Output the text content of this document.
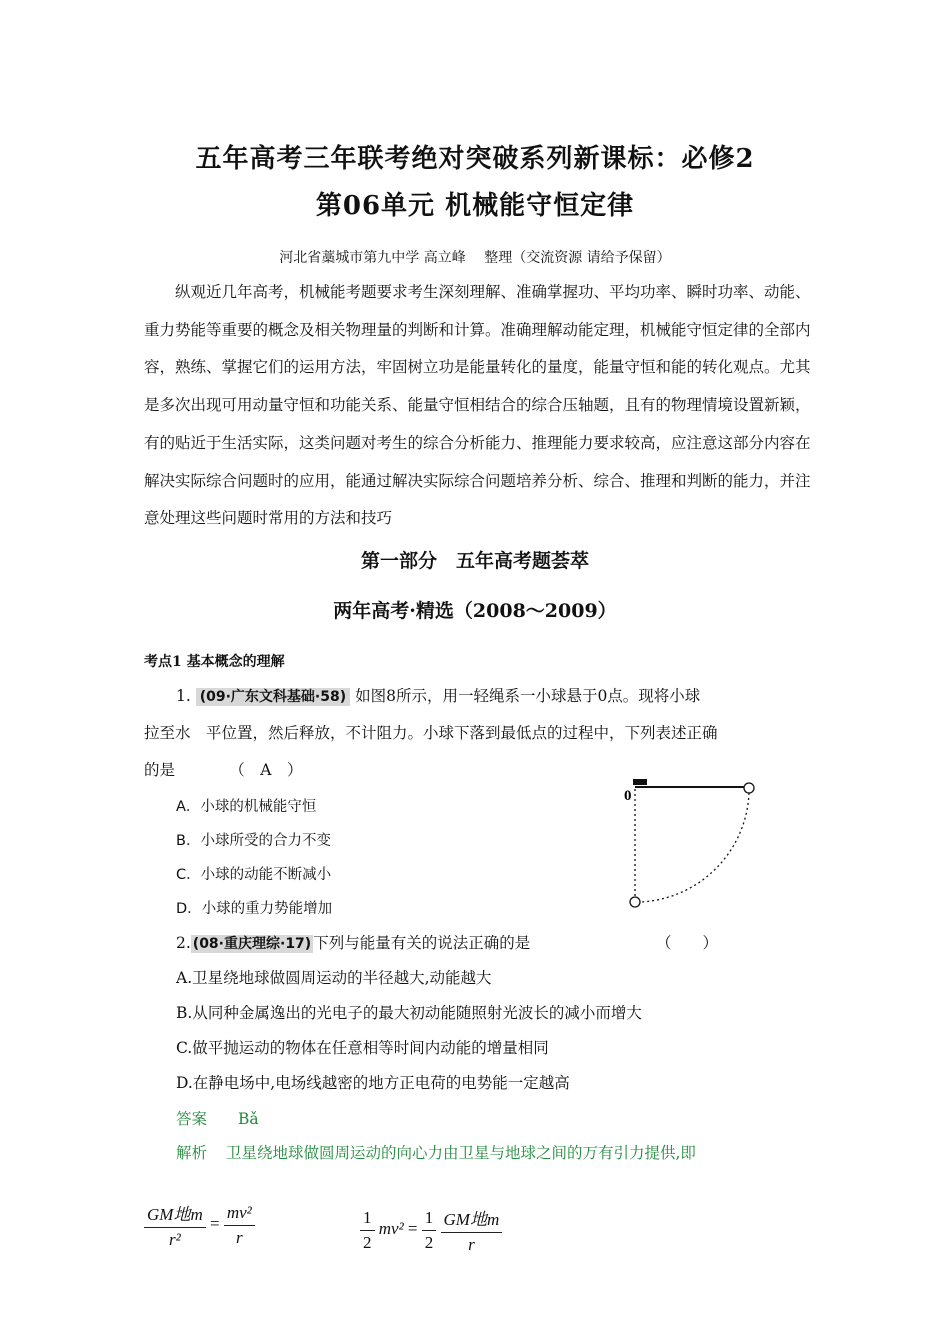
五年高考三年联考绝对突破系列新课标：必修2
第06单元 机械能守恒定律
河北省藁城市第九中学 高立峰　 整理（交流资源 请给予保留）

纵观近几年高考，机械能考题要求考生深刻理解、准确掌握功、平均功率、瞬时功率、动能、重力势能等重要的概念及相关物理量的判断和计算。准确理解动能定理，机械能守恒定律的全部内容，熟练、掌握它们的运用方法，牢固树立功是能量转化的量度，能量守恒和能的转化观点。尤其是多次出现可用动量守恒和功能关系、能量守恒相结合的综合压轴题，且有的物理情境设置新颖，有的贴近于生活实际，这类问题对考生的综合分析能力、推理能力要求较高，应注意这部分内容在解决实际综合问题时的应用，能通过解决实际综合问题培养分析、综合、推理和判断的能力，并注意处理这些问题时常用的方法和技巧

第一部分　五年高考题荟萃
两年高考·精选（2008～2009）
考点1 基本概念的理解
1. (09·广东文科基础·58) 如图8所示，用一轻绳系一小球悬于0点。现将小球
拉至水　平位置，然后释放，不计阻力。小球下落到最低点的过程中，下列表述正确
的是　　　　（　A　）
A．小球的机械能守恒
B．小球所受的合力不变
C．小球的动能不断减小
D．小球的重力势能增加
0
2. (08·重庆理综·17) 下列与能量有关的说法正确的是	（　　）
A.卫星绕地球做圆周运动的半径越大,动能越大
B.从同种金属逸出的光电子的最大初动能随照射光波长的减小而增大
C.做平抛运动的物体在任意相等时间内动能的增量相同
D.在静电场中,电场线越密的地方正电荷的电势能一定越高
答案 Bǎ
解析 卫星绕地球做圆周运动的向心力由卫星与地球之间的万有引力提供,即
$\frac{\text{GM地m}}{\text{r²}} = \frac{\text{mv²}}{r}$	$\frac{1}{2} mv^2 = \frac{1}{2}$
$\frac{\text{GM地m}}{r}$
